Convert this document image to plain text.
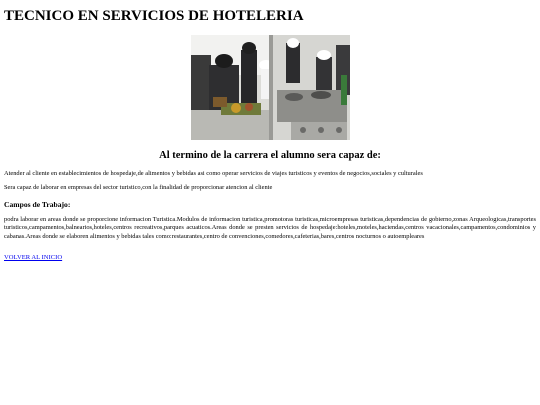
TECNICO EN SERVICIOS DE HOTELERIA
Al termino de la carrera el alumno sera capaz de:

Atender al cliente en establecimientos de hospedaje,de alimentos y bebidas asi como operar servicios de viajes turisticos y eventos de negocios,sociales y culturales

Sera capaz de laborar en empresas del sector turistico,con la finalidad de proporcionar atencion al cliente

Campos de Trabajo:

podra laborar en areas donde se proporcione informacion Turistica.Modulos de informacion turistica,promotoras turisticas,microempresas turisticas,dependencias de gobierno,zonas Arqueologicas,transportes turisticos,campamentos,balnearios,hoteles,centros recreativos,parques acuaticos.Areas donde se presten servicios de hospedaje:hoteles,moteles,haciendas,centros vacacionales,campamentos,condominios y cabanas.Areas donde se elaboren alimentos y bebidas tales como:restaurantes,centro de convenciones,comedores,cafeterias,bares,centros nocturnos o autoempleares

VOLVER AL INICIO
